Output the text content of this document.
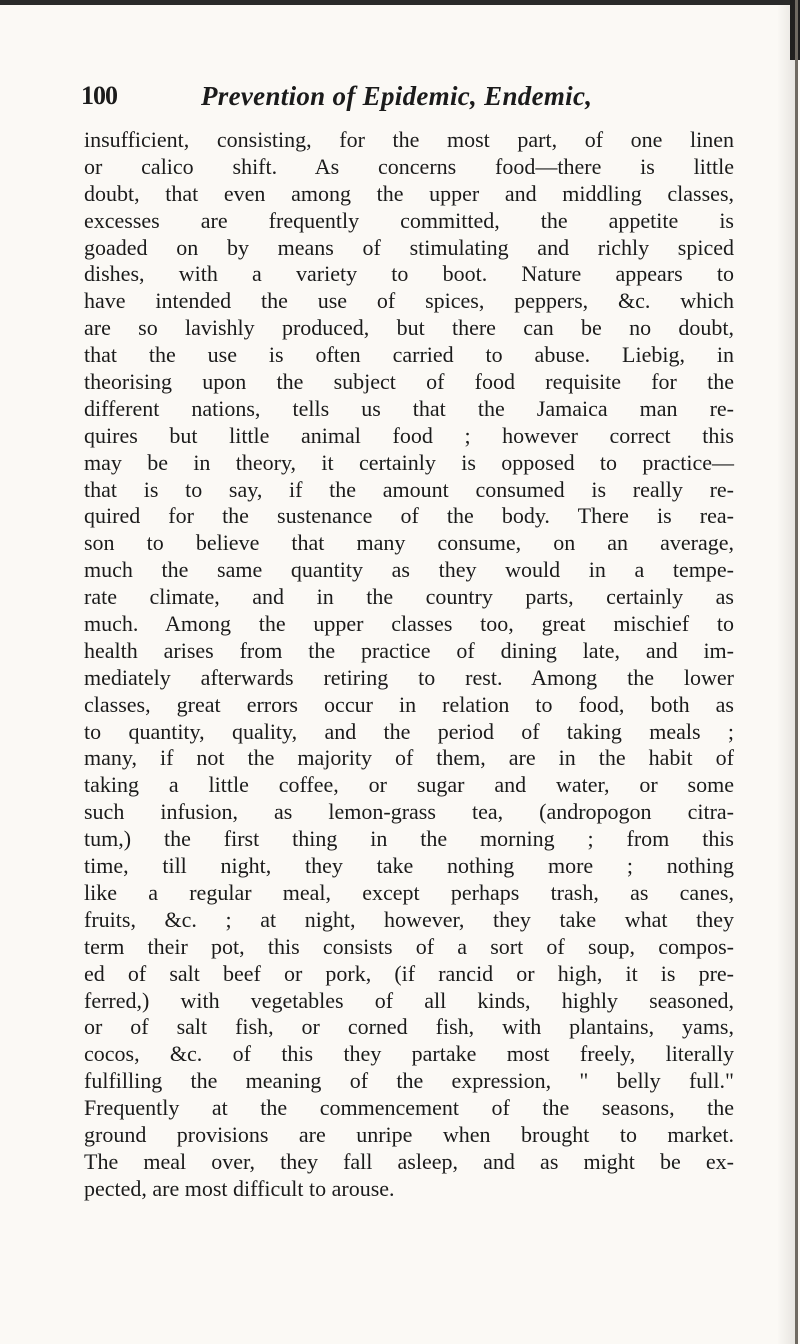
100	Prevention of Epidemic, Endemic,
insufficient, consisting, for the most part, of one linen
or calico shift. As concerns food—there is little
doubt, that even among the upper and middling classes,
excesses are frequently committed, the appetite is
goaded on by means of stimulating and richly spiced
dishes, with a variety to boot. Nature appears to
have intended the use of spices, peppers, &c. which
are so lavishly produced, but there can be no doubt,
that the use is often carried to abuse. Liebig, in
theorising upon the subject of food requisite for the
different nations, tells us that the Jamaica man re-
quires but little animal food ; however correct this
may be in theory, it certainly is opposed to practice—
that is to say, if the amount consumed is really re-
quired for the sustenance of the body. There is rea-
son to believe that many consume, on an average,
much the same quantity as they would in a tempe-
rate climate, and in the country parts, certainly as
much. Among the upper classes too, great mischief to
health arises from the practice of dining late, and im-
mediately afterwards retiring to rest. Among the lower
classes, great errors occur in relation to food, both as
to quantity, quality, and the period of taking meals ;
many, if not the majority of them, are in the habit of
taking a little coffee, or sugar and water, or some
such infusion, as lemon-grass tea, (andropogon citra-
tum,) the first thing in the morning ; from this
time, till night, they take nothing more ; nothing
like a regular meal, except perhaps trash, as canes,
fruits, &c. ; at night, however, they take what they
term their pot, this consists of a sort of soup, compos-
ed of salt beef or pork, (if rancid or high, it is pre-
ferred,) with vegetables of all kinds, highly seasoned,
or of salt fish, or corned fish, with plantains, yams,
cocos, &c. of this they partake most freely, literally
fulfilling the meaning of the expression, " belly full."
Frequently at the commencement of the seasons, the
ground provisions are unripe when brought to market.
The meal over, they fall asleep, and as might be ex-
pected, are most difficult to arouse.
